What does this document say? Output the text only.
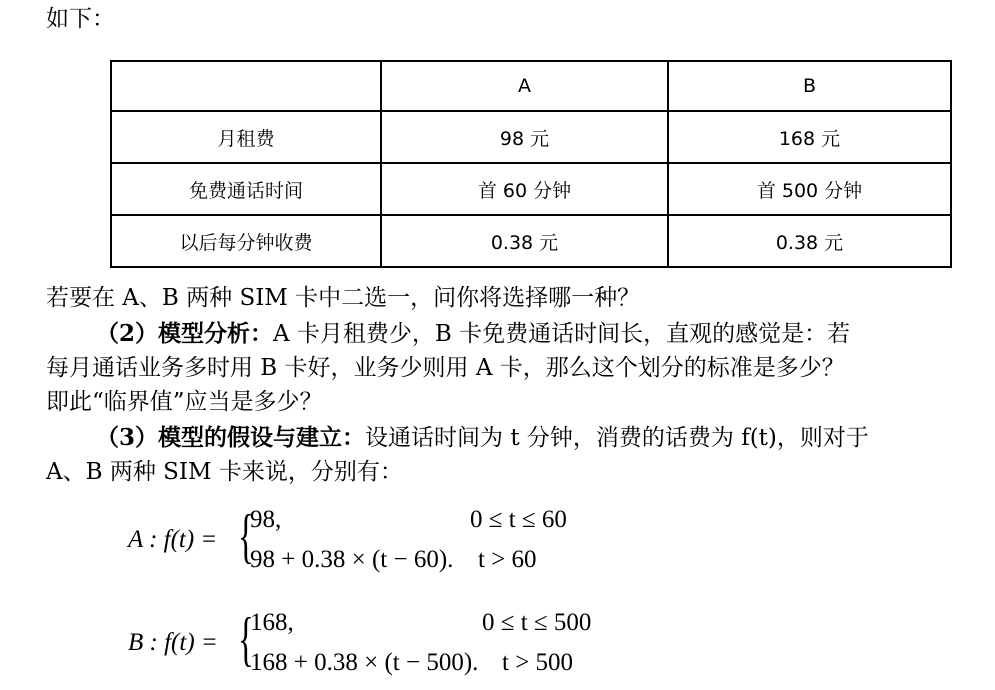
如下：
	A	B
月租费	98 元	168 元
免费通话时间	首 60 分钟	首 500 分钟
以后每分钟收费	0.38 元	0.38 元
若要在 A、B 两种 SIM 卡中二选一，问你将选择哪一种？
（2）模型分析：A 卡月租费少，B 卡免费通话时间长，直观的感觉是：若
每月通话业务多时用 B 卡好，业务少则用 A 卡，那么这个划分的标准是多少？
即此“临界值”应当是多少？
（3）模型的假设与建立：设通话时间为 t 分钟，消费的话费为 f(t)，则对于
A、B 两种 SIM 卡来说，分别有：
A : f(t) = {
98,	0 ≤ t ≤ 60
98 + 0.38 × (t − 60). t > 60
B : f(t) = {
168,	0 ≤ t ≤ 500
168 + 0.38 × (t − 500). t > 500
